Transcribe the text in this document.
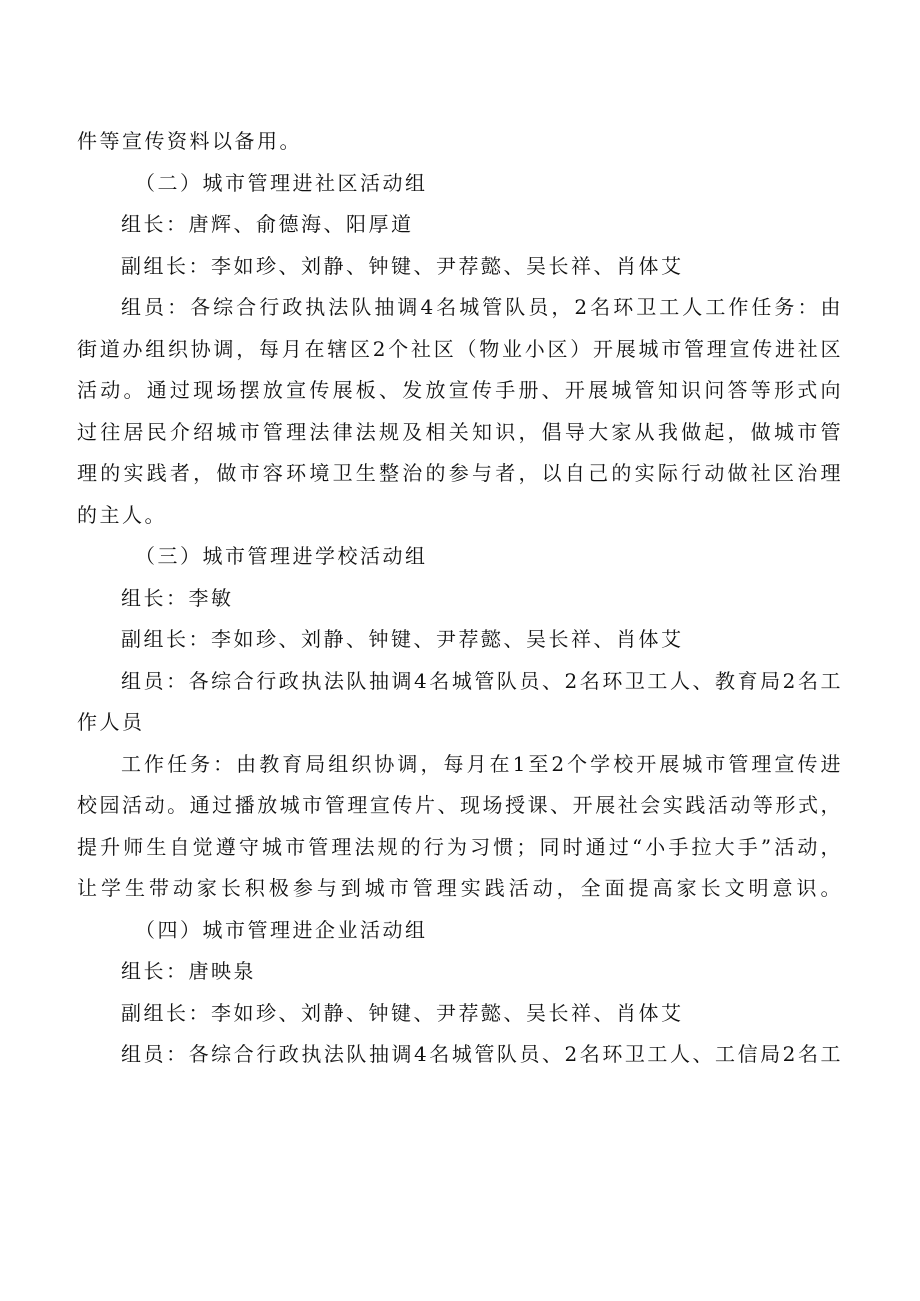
件等宣传资料以备用。
（二）城市管理进社区活动组
组长：唐辉、俞德海、阳厚道
副组长：李如珍、刘静、钟键、尹荐懿、吴长祥、肖体艾
组员：各综合行政执法队抽调4名城管队员，2名环卫工人工作任务：由
街道办组织协调，每月在辖区2个社区（物业小区）开展城市管理宣传进社区
活动。通过现场摆放宣传展板、发放宣传手册、开展城管知识问答等形式向
过往居民介绍城市管理法律法规及相关知识，倡导大家从我做起，做城市管
理的实践者，做市容环境卫生整治的参与者，以自己的实际行动做社区治理
的主人。
（三）城市管理进学校活动组
组长：李敏
副组长：李如珍、刘静、钟键、尹荐懿、吴长祥、肖体艾
组员：各综合行政执法队抽调4名城管队员、2名环卫工人、教育局2名工
作人员
工作任务：由教育局组织协调，每月在1至2个学校开展城市管理宣传进
校园活动。通过播放城市管理宣传片、现场授课、开展社会实践活动等形式，
提升师生自觉遵守城市管理法规的行为习惯；同时通过“小手拉大手”活动，
让学生带动家长积极参与到城市管理实践活动，全面提高家长文明意识。
（四）城市管理进企业活动组
组长：唐映泉
副组长：李如珍、刘静、钟键、尹荐懿、吴长祥、肖体艾
组员：各综合行政执法队抽调4名城管队员、2名环卫工人、工信局2名工
